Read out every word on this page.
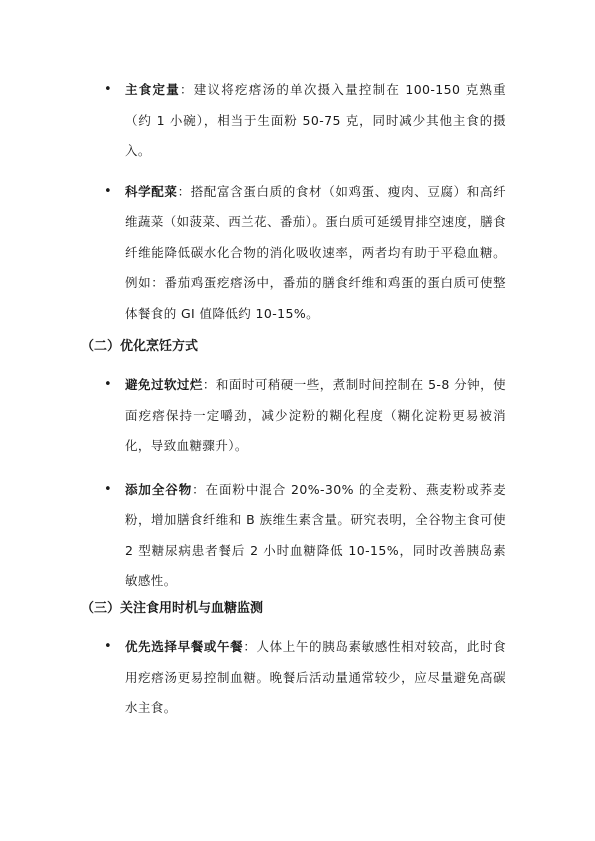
• 主食定量：建议将疙瘩汤的单次摄入量控制在 100-150 克熟重（约 1 小碗），相当于生面粉 50-75 克，同时减少其他主食的摄入。

• 科学配菜：搭配富含蛋白质的食材（如鸡蛋、瘦肉、豆腐）和高纤维蔬菜（如菠菜、西兰花、番茄）。蛋白质可延缓胃排空速度，膳食纤维能降低碳水化合物的消化吸收速率，两者均有助于平稳血糖。例如：番茄鸡蛋疙瘩汤中，番茄的膳食纤维和鸡蛋的蛋白质可使整体餐食的 GI 值降低约 10-15%。

（二）优化烹饪方式
• 避免过软过烂：和面时可稍硬一些，煮制时间控制在 5-8 分钟，使面疙瘩保持一定嚼劲，减少淀粉的糊化程度（糊化淀粉更易被消化，导致血糖骤升）。

• 添加全谷物：在面粉中混合 20%-30% 的全麦粉、燕麦粉或荞麦粉，增加膳食纤维和 B 族维生素含量。研究表明，全谷物主食可使 2 型糖尿病患者餐后 2 小时血糖降低 10-15%，同时改善胰岛素敏感性。

（三）关注食用时机与血糖监测
• 优先选择早餐或午餐：人体上午的胰岛素敏感性相对较高，此时食用疙瘩汤更易控制血糖。晚餐后活动量通常较少，应尽量避免高碳水主食。
